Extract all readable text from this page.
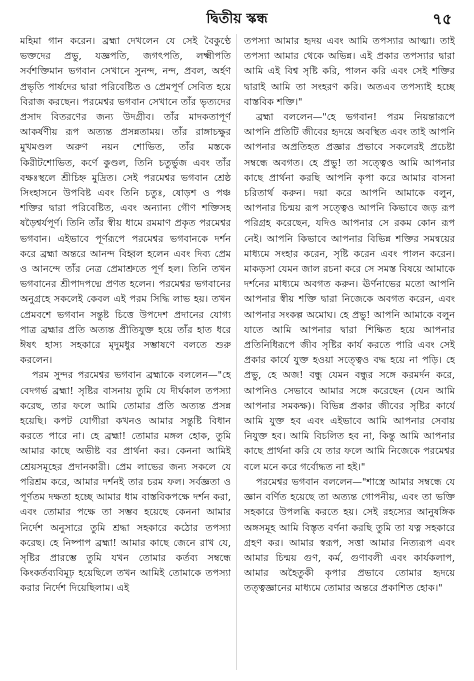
দ্বিতীয় স্কন্ধ	৭৫

মহিমা গান করেন। ব্রহ্মা দেখলেন যে সেই বৈকুণ্ঠে ভক্তদের প্রভু, যজ্ঞপতি, জগৎপতি, লক্ষ্মীপতি সর্বশক্তিমান ভগবান সেখানে সুনন্দ, নন্দ, প্রবল, অর্হণ প্রভৃতি পার্ষদের দ্বারা পরিবেষ্টিত ও প্রেমপূর্ণ সেবিত হয়ে বিরাজ করছেন। পরমেশ্বর ভগবান সেখানে তাঁর ভৃত্যদের প্রসাদ বিতরণের জন্য উদগ্রীব। তাঁর মাদকতাপূর্ণ আকর্ষণীয় রূপ অত্যন্ত প্রসন্নতাময়। তাঁর রাঙ্গাচক্ষুর মুখমণ্ডল অরুণ নয়ন শোভিত, তাঁর মস্তকে কিরীটশোভিত, কর্ণে কুণ্ডল, তিনি চতুর্ভুজ এবং তাঁর বক্ষঃস্থলে শ্রীচিহ্ন মুদ্রিত। সেই পরমেশ্বর ভগবান শ্রেষ্ঠ সিংহাসনে উপবিষ্ট এবং তিনি চতুঃ, ষোড়শ ও পঞ্চ শক্তির দ্বারা পরিবেষ্টিত, এবং অন্যান্য গৌণ শক্তিসহ ষড়ৈশ্বর্যপূর্ণ। তিনি তাঁর স্বীয় ধামে রমমাণ প্রকৃত পরমেশ্বর ভগবান। এইভাবে পূর্ণরূপে পরমেশ্বর ভগবানকে দর্শন করে ব্রহ্মা অন্তরে আনন্দ বিহ্বল হলেন এবং দিব্য প্রেম ও আনন্দে তাঁর নেত্র প্রেমাশ্রুতে পূর্ণ হল। তিনি তখন ভগবানের শ্রীপাদপদ্মে প্রণত হলেন। পরমেশ্বর ভগবানের অনুগ্রহে সকলেই কেবল এই পরম সিদ্ধি লাভ হয়। তখন প্রেমবশে ভগবান সন্তুষ্ট চিত্তে উপদেশ প্রদানের যোগ্য পাত্র ব্রহ্মার প্রতি অত্যন্ত প্রীতিযুক্ত হয়ে তাঁর হাত ধরে ঈষৎ হাস্য সহকারে মৃদুমধুর সম্ভাষণে বলতে শুরু করলেন।

পরম সুন্দর পরমেশ্বর ভগবান ব্রহ্মাকে বললেন—"হে বেদগর্ভ ব্রহ্মা! সৃষ্টির বাসনায় তুমি যে দীর্ঘকাল তপস্যা করেছ, তার ফলে আমি তোমার প্রতি অত্যন্ত প্রসন্ন হয়েছি। কপট যোগীরা কখনও আমার সন্তুষ্টি বিধান করতে পারে না। হে ব্রহ্মা! তোমার মঙ্গল হোক, তুমি আমার কাছে অভীষ্ট বর প্রার্থনা কর। কেননা আমিই শ্রেয়সমূহের প্রদানকারী। প্রেম লাভের জন্য সকলে যে পরিশ্রম করে, আমার দর্শনই তার চরম ফল। সর্বজ্ঞতা ও পূর্ণতম দক্ষতা হচ্ছে আমার ধাম বাস্তবিকপক্ষে দর্শন করা, এবং তোমার পক্ষে তা সম্ভব হয়েছে কেননা আমার নির্দেশ অনুসারে তুমি শ্রদ্ধা সহকারে কঠোর তপস্যা করেছ। হে নিষ্পাপ ব্রহ্মা! আমার কাছে জেনে রাখ যে, সৃষ্টির প্রারম্ভে তুমি যখন তোমার কর্তব্য সম্বন্ধে কিংকর্তব্যবিমূঢ় হয়েছিলে তখন আমিই তোমাকে তপস্যা করার নির্দেশ দিয়েছিলাম। এই

তপস্যা আমার হৃদয় এবং আমি তপস্যার আত্মা। তাই তপস্যা আমার থেকে অভিন্ন। এই প্রকার তপস্যার দ্বারা আমি এই বিশ্ব সৃষ্টি করি, পালন করি এবং সেই শক্তির দ্বারাই আমি তা সংহরণ করি। অতএব তপস্যাই হচ্ছে বাস্তবিক শক্তি।"

ব্রহ্মা বললেন—"হে ভগবান! পরম নিয়ন্তারূপে আপনি প্রতিটি জীবের হৃদয়ে অবস্থিত এবং তাই আপনি আপনার অপ্রতিহত প্রজ্ঞার প্রভাবে সকলেরই প্রচেষ্টা সম্বন্ধে অবগত। হে প্রভু! তা সত্ত্বেও আমি আপনার কাছে প্রার্থনা করছি আপনি কৃপা করে আমার বাসনা চরিতার্থ করুন। দয়া করে আপনি আমাকে বলুন, আপনার চিন্ময় রূপ সত্ত্বেও আপনি কিভাবে জড় রূপ পরিগ্রহ করেছেন, যদিও আপনার সে রকম কোন রূপ নেই। আপনি কিভাবে আপনার বিভিন্ন শক্তির সমন্বয়ের মাধ্যমে সংহার করেন, সৃষ্টি করেন এবং পালন করেন। মাকড়সা যেমন জাল রচনা করে সে সমস্ত বিষয়ে আমাকে দর্শনের মাধ্যমে অবগত করুন। ঊর্ণনাভের মতো আপনি আপনার স্বীয় শক্তি দ্বারা নিজেকে অবগত করেন, এবং আপনার সংকল্প অমোঘ। হে প্রভু! আপনি আমাকে বলুন যাতে আমি আপনার দ্বারা শিক্ষিত হয়ে আপনার প্রতিনিধিরূপে জীব সৃষ্টির কার্য করতে পারি এবং সেই প্রকার কার্যে যুক্ত হওয়া সত্ত্বেও বদ্ধ হয়ে না পড়ি। হে প্রভু, হে অজ! বন্ধু যেমন বন্ধুর সঙ্গে করমর্দন করে, আপনিও সেভাবে আমার সঙ্গে করেছেন (যেন আমি আপনার সমকক্ষ)। বিভিন্ন প্রকার জীবের সৃষ্টির কার্যে আমি যুক্ত হব এবং এইভাবে আমি আপনার সেবায় নিযুক্ত হব। আমি বিচলিত হব না, কিন্তু আমি আপনার কাছে প্রার্থনা করি যে তার ফলে আমি নিজেকে পরমেশ্বর বলে মনে করে গর্বোদ্ধত না হই।"

পরমেশ্বর ভগবান বললেন—"শাস্ত্রে আমার সম্বন্ধে যে জ্ঞান বর্ণিত হয়েছে তা অত্যন্ত গোপনীয়, এবং তা ভক্তি সহকারে উপলব্ধি করতে হয়। সেই রহস্যের আনুষঙ্গিক অঙ্গসমূহ আমি বিস্তৃত বর্ণনা করছি তুমি তা যত্ন সহকারে গ্রহণ কর। আমার স্বরূপ, সত্তা আমার নিত্যরূপ এবং আমার চিন্ময় গুণ, কর্ম, গুণাবলী এবং কার্যকলাপ, আমার অহৈতুকী কৃপার প্রভাবে তোমার হৃদয়ে তত্ত্বজ্ঞানের মাধ্যমে তোমার অন্তরে প্রকাশিত হোক।"
